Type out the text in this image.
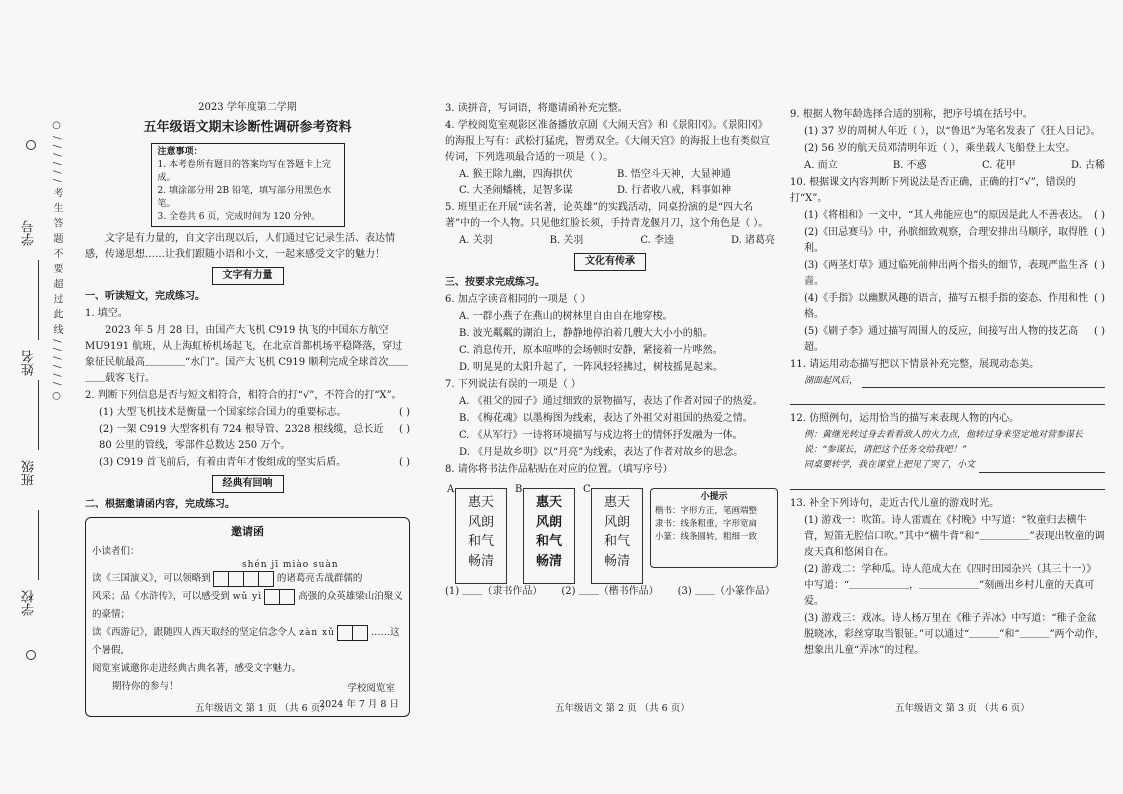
学校
班级
姓名
学号 ○ / / / / / / 考 生 答 题 不 要 超 过 此 线 / / / / / / ○
2023 学年度第二学期
五年级语文期末诊断性调研参考资料
注意事项：
1. 本考卷所有题目的答案均写在答题卡上完成。
2. 填涂部分用 2B 铅笔，填写部分用黑色水笔。
3. 全卷共 6 页，完成时间为 120 分钟。
文字是有力量的，自文字出现以后，人们通过它记录生活、表达情感，传递思想……让我们跟随小语和小文，一起来感受文字的魅力！
文字有力量
一、听读短文，完成练习。
1. 填空。
2023 年 5 月 28 日，由国产大飞机 C919 执飞的中国东方航空 MU9191 航班，从上海虹桥机场起飞，在北京首都机场平稳降落，穿过象征民航最高＿＿＿＿“水门”。国产大飞机 C919 顺利完成全球首次＿＿＿＿载客飞行。
2. 判断下列信息是否与短文相符合，相符合的打“√”，不符合的打“X”。
( )
(1) 大型飞机技术是衡量一个国家综合国力的重要标志。
( )
(2) 一架 C919 大型客机有 724 根导管、2328 根线缆，总长近 80 公里的管线，零部件总数达 250 万个。
( )
(3) C919 首飞前后，有着由青年才俊组成的坚实后盾。
经典有回响
二、根据邀请函内容，完成练习。
邀请函
小读者们：
shén jī miào suàn
读《三国演义》，可以领略到	的诸葛亮舌战群儒的
风采；品《水浒传》，可以感受到 wǔ yì	高强的众英雄梁山泊聚义的豪情；
读《西游记》，跟随四人西天取经的坚定信念令人 zàn xǔ	……这个暑假，
阅览室诚邀你走进经典古典名著，感受文字魅力。
期待你的参与！	学校阅览室
2024 年 7 月 8 日
五年级语文 第 1 页 （共 6 页）
3. 读拼音，写词语，将邀请函补充完整。
4. 学校阅览室观影区准备播放京剧《大闹天宫》和《景阳冈》。《景阳冈》的海报上写有：武松打猛虎，智勇双全。《大闹天宫》的海报上也有类似宣传词，下列选项最合适的一项是（ ）。
A. 猴王除九幽，四海拱伏	B. 悟空斗天神，大显神通
C. 大圣闹蟠桃，足智多谋	D. 行者收八戒，料事如神
5. 班里正在开展“读名著，论英雄”的实践活动，同桌扮演的是“四大名著”中的一个人物。只见他红脸长须，手持青龙偃月刀，这个角色是（ ）。
A. 关羽	B. 关羽	C. 李逵	D. 诸葛亮
文化有传承
三、按要求完成练习。
6. 加点字读音相同的一项是（ ）
A. 一群小燕子在燕山的树林里自由自在地穿梭。
B. 波光粼粼的湖泊上，静静地停泊着几艘大大小小的船。
C. 消息传开，原本喧哗的会场顿时安静，紧接着一片哗然。
D. 明晃晃的太阳升起了，一阵风轻轻拂过，树枝摇晃起来。
7. 下列说法有误的一项是（ ）
A. 《祖父的园子》通过细致的景物描写，表达了作者对园子的热爱。
B. 《梅花魂》以墨梅图为线索，表达了外祖父对祖国的热爱之情。
C. 《从军行》一诗将环境描写与戍边将士的情怀抒发融为一体。
D. 《月是故乡明》以“月亮”为线索，表达了作者对故乡的思念。
8. 请你将书法作品粘贴在对应的位置。（填写序号）
A
惠天
风朗
和气
畅清
B
惠天
风朗
和气
畅清
C
惠天
风朗
和气
畅清
小提示
楷书：字形方正，笔画端整
隶书：线条粗重，字形宽扁
小篆：线条圆转，粗细一致
(1) ＿＿（隶书作品） (2) ＿＿（楷书作品） (3) ＿＿（小篆作品）
五年级语文 第 2 页 （共 6 页）
9. 根据人物年龄选择合适的别称，把序号填在括号中。
(1) 37 岁的周树人年近（ ），以“鲁迅”为笔名发表了《狂人日记》。
(2) 56 岁的航天员邓清明年近（ ），乘坐载人飞船登上太空。
A. 而立	B. 不惑	C. 花甲	D. 古稀
10. 根据课文内容判断下列说法是否正确，正确的打“√”，错误的打“X”。
( )
(1)《将相和》一文中，“其人弗能应也”的原因是此人不善表达。
( )
(2)《田忌赛马》中，孙膑细致观察，合理安排出马顺序，取得胜利。
( )
(3)《两茎灯草》通过临死前伸出两个指头的细节，表现严监生吝啬。
( )
(4)《手指》以幽默风趣的语言，描写五根手指的姿态、作用和性格。
( )
(5)《刷子李》通过描写周围人的反应，间接写出人物的技艺高超。
11. 请运用动态描写把以下情景补充完整，展现动态美。
湖面起风后，
12. 仿照例句，运用恰当的描写来表现人物的内心。
例：黄继光转过身去看看敌人的火力点，他转过身来坚定地对营参谋长说：“参谋长，请把这个任务交给我吧！”
同桌要转学，我在课堂上把见了哭了，小文
13. 补全下列诗句，走近古代儿童的游戏时光。
(1) 游戏一：吹笛。诗人雷震在《村晚》中写道：“牧童归去横牛背，短笛无腔信口吹。”其中“横牛背”和“＿＿＿＿＿”表现出牧童的调皮天真和悠闲自在。
(2) 游戏二：学种瓜。诗人范成大在《四时田园杂兴（其三十一）》中写道：“＿＿＿＿＿＿，＿＿＿＿＿＿”刻画出乡村儿童的天真可爱。
(3) 游戏三：戏冰。诗人杨万里在《稚子弄冰》中写道：“稚子金盆脱晓冰，彩丝穿取当银钲。”可以通过“＿＿＿”和“＿＿＿”两个动作，想象出儿童“弄冰”的过程。
五年级语文 第 3 页 （共 6 页）
